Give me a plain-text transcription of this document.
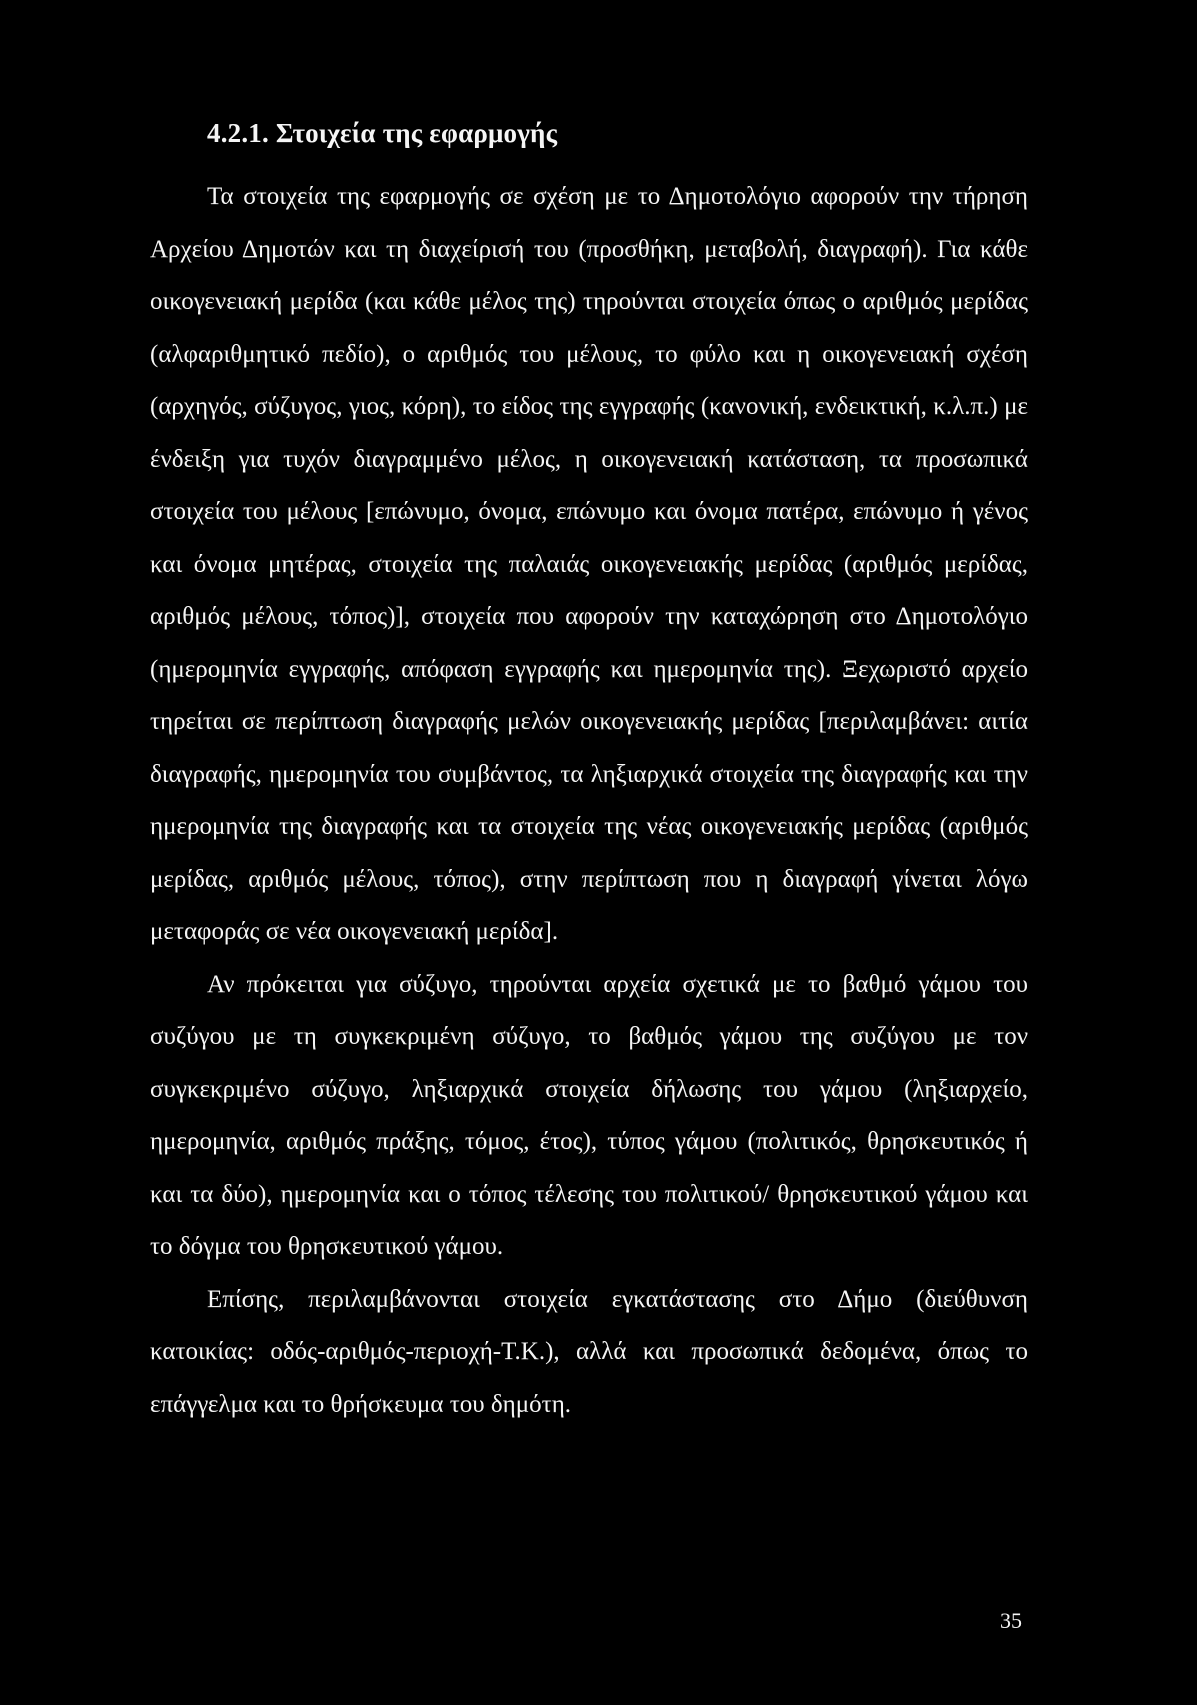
4.2.1. Στοιχεία της εφαρμογής

Τα στοιχεία της εφαρμογής σε σχέση με το Δημοτολόγιο αφορούν την τήρηση Αρχείου Δημοτών και τη διαχείρισή του (προσθήκη, μεταβολή, διαγραφή). Για κάθε οικογενειακή μερίδα (και κάθε μέλος της) τηρούνται στοιχεία όπως ο αριθμός μερίδας (αλφαριθμητικό πεδίο), ο αριθμός του μέλους, το φύλο και η οικογενειακή σχέση (αρχηγός, σύζυγος, γιος, κόρη), το είδος της εγγραφής (κανονική, ενδεικτική, κ.λ.π.) με ένδειξη για τυχόν διαγραμμένο μέλος, η οικογενειακή κατάσταση, τα προσωπικά στοιχεία του μέλους [επώνυμο, όνομα, επώνυμο και όνομα πατέρα, επώνυμο ή γένος και όνομα μητέρας, στοιχεία της παλαιάς οικογενειακής μερίδας (αριθμός μερίδας, αριθμός μέλους, τόπος)], στοιχεία που αφορούν την καταχώρηση στο Δημοτολόγιο (ημερομηνία εγγραφής, απόφαση εγγραφής και ημερομηνία της). Ξεχωριστό αρχείο τηρείται σε περίπτωση διαγραφής μελών οικογενειακής μερίδας [περιλαμβάνει: αιτία διαγραφής, ημερομηνία του συμβάντος, τα ληξιαρχικά στοιχεία της διαγραφής και την ημερομηνία της διαγραφής και τα στοιχεία της νέας οικογενειακής μερίδας (αριθμός μερίδας, αριθμός μέλους, τόπος), στην περίπτωση που η διαγραφή γίνεται λόγω μεταφοράς σε νέα οικογενειακή μερίδα].

Αν πρόκειται για σύζυγο, τηρούνται αρχεία σχετικά με το βαθμό γάμου του συζύγου με τη συγκεκριμένη σύζυγο, το βαθμός γάμου της συζύγου με τον συγκεκριμένο σύζυγο, ληξιαρχικά στοιχεία δήλωσης του γάμου (ληξιαρχείο, ημερομηνία, αριθμός πράξης, τόμος, έτος), τύπος γάμου (πολιτικός, θρησκευτικός ή και τα δύο), ημερομηνία και ο τόπος τέλεσης του πολιτικού/ θρησκευτικού γάμου και το δόγμα του θρησκευτικού γάμου.

Επίσης, περιλαμβάνονται στοιχεία εγκατάστασης στο Δήμο (διεύθυνση κατοικίας: οδός-αριθμός-περιοχή-Τ.Κ.), αλλά και προσωπικά δεδομένα, όπως το επάγγελμα και το θρήσκευμα του δημότη.

35
